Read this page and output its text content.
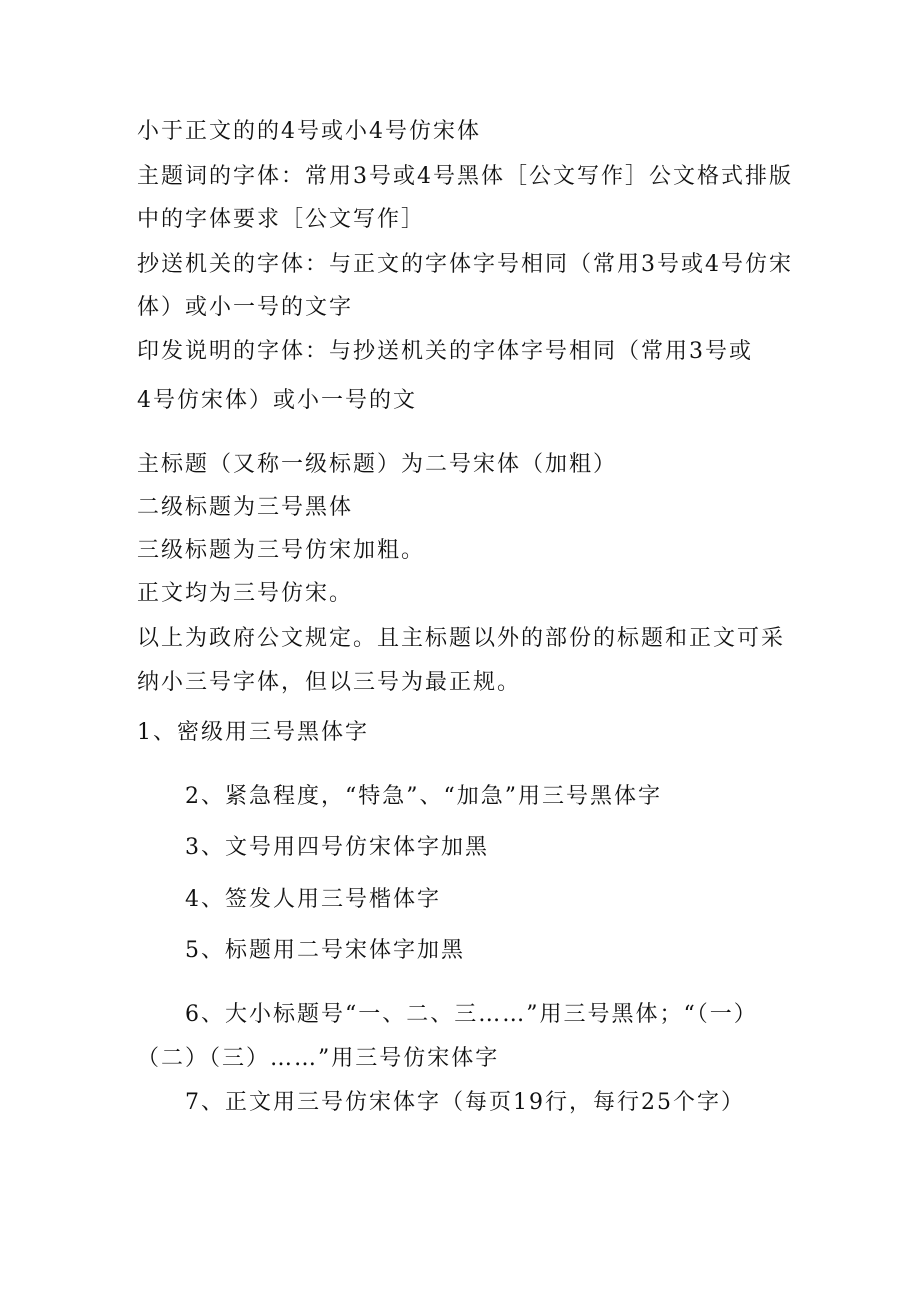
小于正文的的4号或小4号仿宋体

主题词的字体：常用3号或4号黑体［公文写作］公文格式排版

中的字体要求［公文写作］

抄送机关的字体：与正文的字体字号相同（常用3号或4号仿宋

体）或小一号的文字

印发说明的字体：与抄送机关的字体字号相同（常用3号或

4号仿宋体）或小一号的文

主标题（又称一级标题）为二号宋体（加粗）

二级标题为三号黑体

三级标题为三号仿宋加粗。

正文均为三号仿宋。

以上为政府公文规定。且主标题以外的部份的标题和正文可采

纳小三号字体，但以三号为最正规。

1、密级用三号黑体字

2、紧急程度，“特急”、“加急”用三号黑体字

3、文号用四号仿宋体字加黑

4、签发人用三号楷体字

5、标题用二号宋体字加黑

6、大小标题号“一、二、三……”用三号黑体；“（一）

（二）（三）……”用三号仿宋体字

7、正文用三号仿宋体字（每页19行，每行25个字）
